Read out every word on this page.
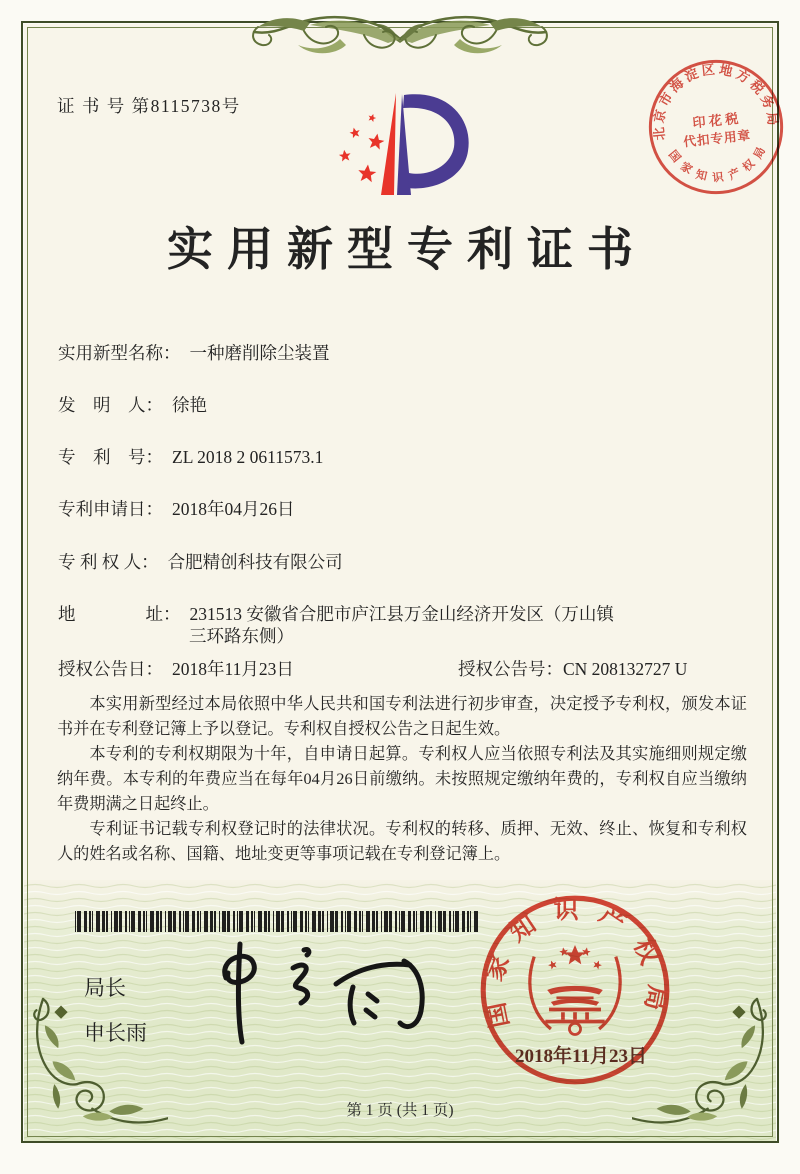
证 书 号 第8115738号
北京市海淀区地方税务局
国家知识产权局
印 花 税
代扣专用章
实用新型专利证书
实用新型名称： 一种磨削除尘装置
发　明　人： 徐艳
专　利　号： ZL 2018 2 0611573.1
专利申请日： 2018年04月26日
专 利 权 人： 合肥精创科技有限公司
地　　　　址： 231513 安徽省合肥市庐江县万金山经济开发区（万山镇
三环路东侧）
授权公告日： 2018年11月23日	授权公告号：CN 208132727 U

本实用新型经过本局依照中华人民共和国专利法进行初步审查，决定授予专利权，颁发本证书并在专利登记簿上予以登记。专利权自授权公告之日起生效。

本专利的专利权期限为十年，自申请日起算。专利权人应当依照专利法及其实施细则规定缴纳年费。本专利的年费应当在每年04月26日前缴纳。未按照规定缴纳年费的，专利权自应当缴纳年费期满之日起终止。

专利证书记载专利权登记时的法律状况。专利权的转移、质押、无效、终止、恢复和专利权人的姓名或名称、国籍、地址变更等事项记载在专利登记簿上。

局长
申长雨
国家知识产权局
2018年11月23日
第 1 页 (共 1 页)
